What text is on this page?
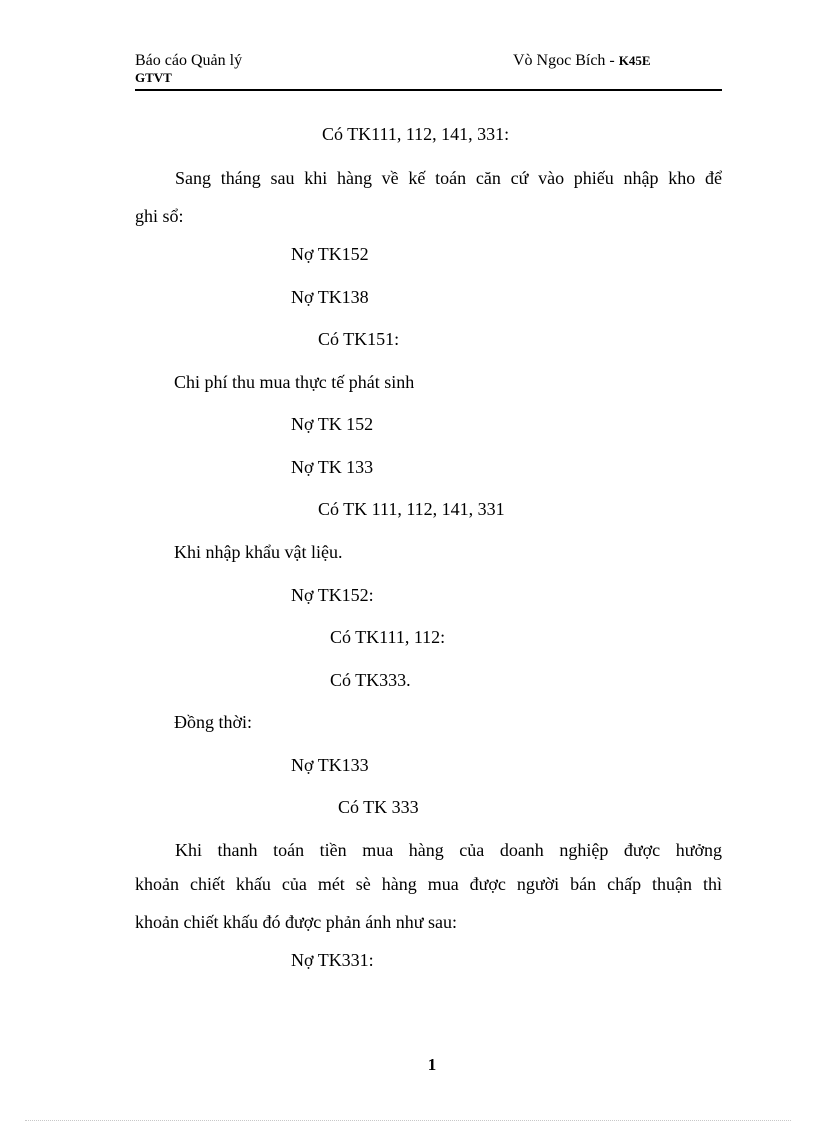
Báo cáo Quản lý
GTVT
Vò Ngoc Bích - K45E
Có TK111, 112, 141, 331:
Sang tháng sau khi hàng về kế toán căn cứ vào phiếu nhập kho để
ghi sổ:
Nợ TK152
Nợ TK138
Có TK151:
Chi phí thu mua thực tế phát sinh
Nợ TK 152
Nợ TK 133
Có TK 111, 112, 141, 331
Khi nhập khẩu vật liệu.
Nợ TK152:
Có TK111, 112:
Có TK333.
Đồng thời:
Nợ TK133
Có TK 333
Khi thanh toán tiền mua hàng của doanh nghiệp được hưởng
khoản chiết khấu của mét sè hàng mua được người bán chấp thuận thì
khoản chiết khấu đó được phản ánh như sau:
Nợ TK331:
1
